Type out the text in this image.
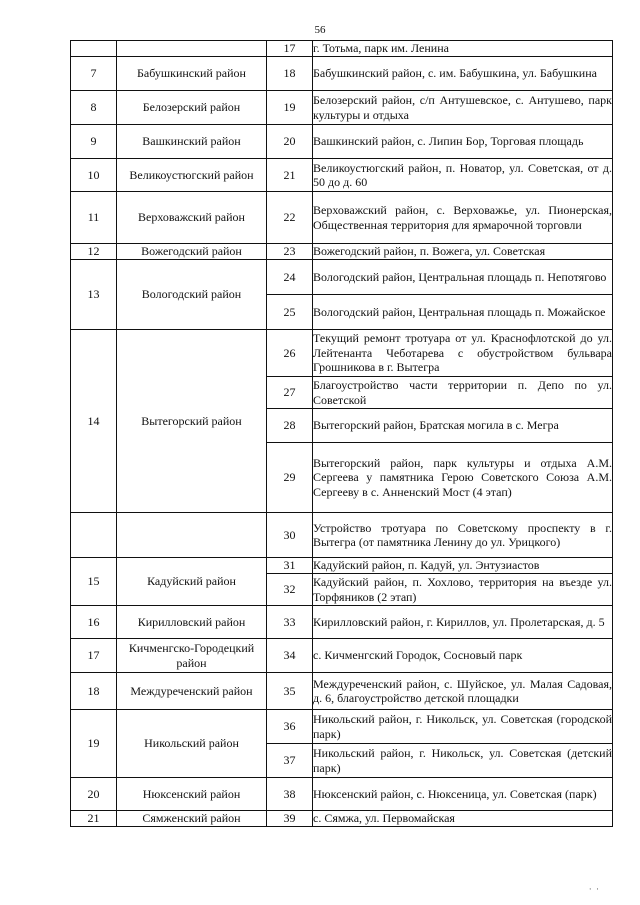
56
		17	г. Тотьма, парк им. Ленина
7	Бабушкинский район	18	Бабушкинский район, с. им. Бабушкина, ул. Бабушкина
8	Белозерский район	19	Белозерский район, с/п Антушевское, с. Антушево, парк культуры и отдыха
9	Вашкинский район	20	Вашкинский район, с. Липин Бор, Торговая площадь
10	Великоустюгский район	21	Великоустюгский район, п. Новатор, ул. Советская, от д. 50 до д. 60
11	Верховажский район	22	Верховажский район, с. Верховажье, ул. Пионерская, Общественная территория для ярмарочной торговли
12	Вожегодский район	23	Вожегодский район, п. Вожега, ул. Советская
13	Вологодский район	24	Вологодский район, Центральная площадь п. Непотягово
		25	Вологодский район, Центральная площадь п. Можайское
14	Вытегорский район	26	Текущий ремонт тротуара от ул. Краснофлотской до ул. Лейтенанта Чеботарева с обустройством бульвара Грошникова в г. Вытегра
		27	Благоустройство части территории п. Депо по ул. Советской
		28	Вытегорский район, Братская могила в с. Мегра
		29	Вытегорский район, парк культуры и отдыха А.М. Сергеева у памятника Герою Советского Союза А.М. Сергееву в с. Анненский Мост (4 этап)
		30	Устройство тротуара по Советскому проспекту в г. Вытегра (от памятника Ленину до ул. Урицкого)
15	Кадуйский район	31	Кадуйский район, п. Кадуй, ул. Энтузиастов
		32	Кадуйский район, п. Хохлово, территория на въезде ул. Торфяников (2 этап)
16	Кирилловский район	33	Кирилловский район, г. Кириллов, ул. Пролетарская, д. 5
17	Кичменгско-Городецкий район	34	с. Кичменгский Городок, Сосновый парк
18	Междуреченский район	35	Междуреченский район, с. Шуйское, ул. Малая Садовая, д. 6, благоустройство детской площадки
19	Никольский район	36	Никольский район, г. Никольск, ул. Советская (городской парк)
		37	Никольский район, г. Никольск, ул. Советская (детский парк)
20	Нюксенский район	38	Нюксенский район, с. Нюксеница, ул. Советская (парк)
21	Сямженский район	39	с. Сямжа, ул. Первомайская
· ·
